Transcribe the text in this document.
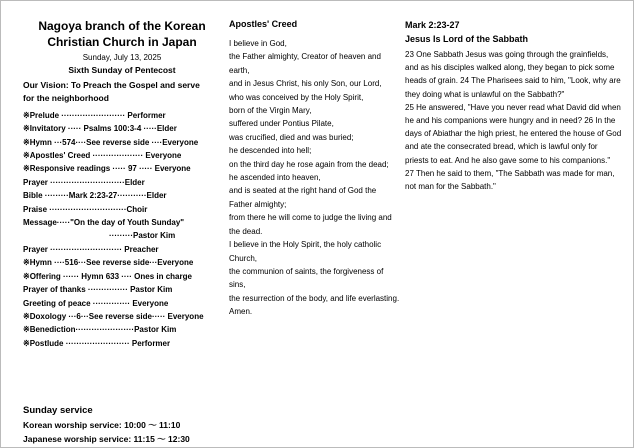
Nagoya branch of the Korean
Christian Church in Japan
Sunday, July 13, 2025
Sixth Sunday of Pentecost
Our Vision: To Preach the Gospel and serve
for the neighborhood
※Prelude ························ Performer
※Invitatory ····· Psalms 100:3-4 ·····Elder
※Hymn ···574····See reverse side ····Everyone
※Apostles' Creed ··················· Everyone
※Responsive readings ····· 97 ····· Everyone
Prayer ····························Elder
Bible ·········Mark 2:23-27···········Elder
Praise ·····························Choir
Message·····"On the day of Youth Sunday"
·········Pastor Kim
Prayer ··························· Preacher
※Hymn ····516···See reverse side···Everyone
※Offering ······ Hymn 633 ···· Ones in charge
Prayer of thanks ··············· Pastor Kim
Greeting of peace ·············· Everyone
※Doxology ···6···See reverse side····· Everyone
※Benediction······················Pastor Kim
※Postlude ························ Performer
Apostles' Creed
I believe in God,
the Father almighty, Creator of heaven and earth,
and in Jesus Christ, his only Son, our Lord,
who was conceived by the Holy Spirit,
born of the Virgin Mary,
suffered under Pontius Pilate,
was crucified, died and was buried;
he descended into hell;
on the third day he rose again from the dead;
he ascended into heaven,
and is seated at the right hand of God the Father almighty;
from there he will come to judge the living and the dead.
I believe in the Holy Spirit, the holy catholic Church,
the communion of saints, the forgiveness of sins,
the resurrection of the body, and life everlasting.
Amen.
Mark 2:23-27
Jesus Is Lord of the Sabbath

23 One Sabbath Jesus was going through the grainfields, and as his disciples walked along, they began to pick some heads of grain. 24 The Pharisees said to him, "Look, why are they doing what is unlawful on the Sabbath?"

25 He answered, "Have you never read what David did when he and his companions were hungry and in need? 26 In the days of Abiathar the high priest, he entered the house of God and ate the consecrated bread, which is lawful only for priests to eat. And he also gave some to his companions."

27 Then he said to them, "The Sabbath was made for man, not man for the Sabbath."

Sunday service
Korean worship service: 10:00 ～ 11:10
Japanese worship service: 11:15 ～ 12:30
